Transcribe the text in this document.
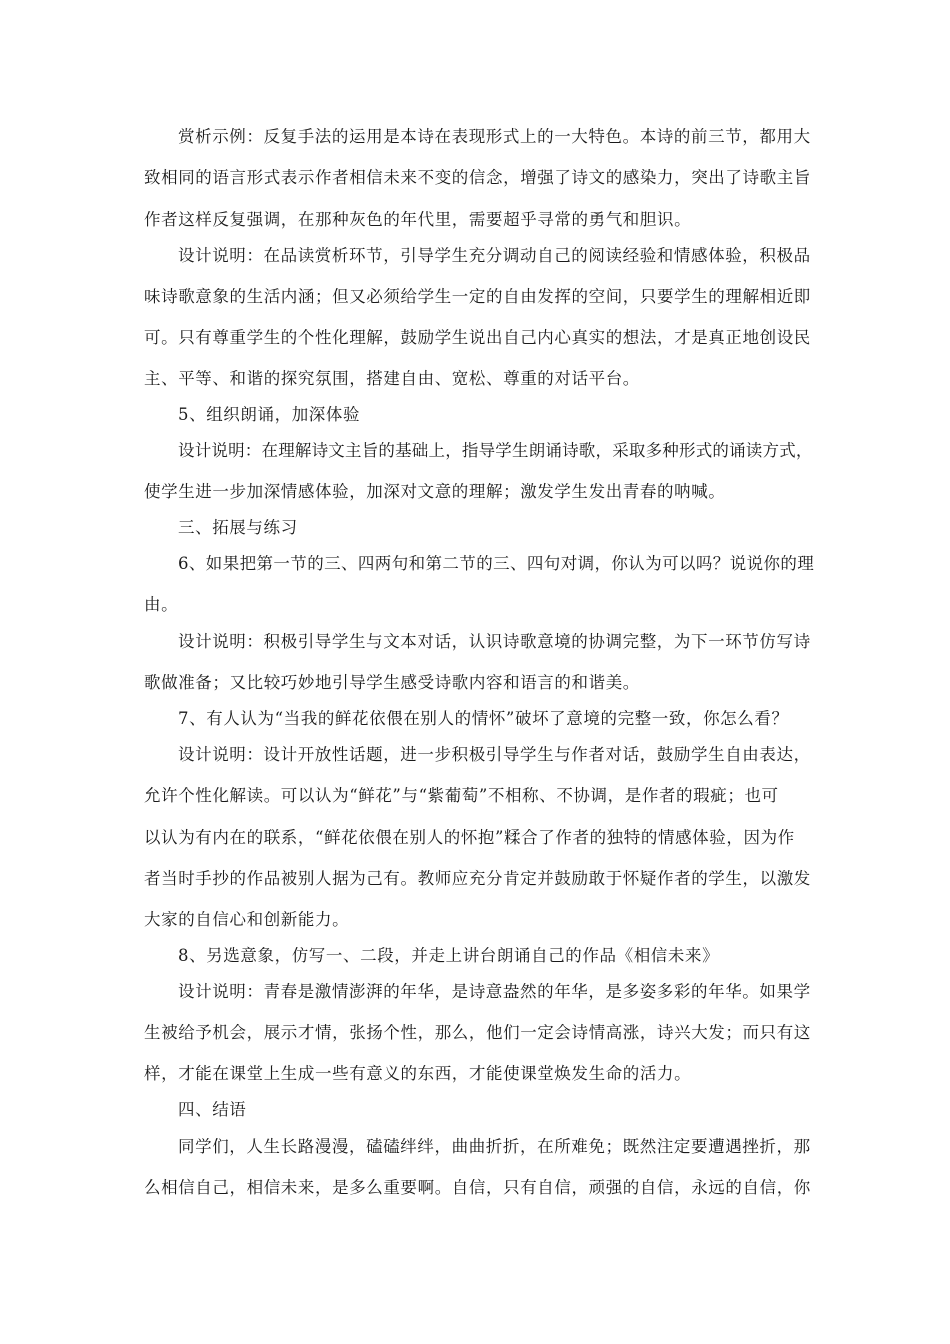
赏析示例：反复手法的运用是本诗在表现形式上的一大特色。本诗的前三节，都用大
致相同的语言形式表示作者相信未来不变的信念，增强了诗文的感染力，突出了诗歌主旨
作者这样反复强调，在那种灰色的年代里，需要超乎寻常的勇气和胆识。
设计说明：在品读赏析环节，引导学生充分调动自己的阅读经验和情感体验，积极品
味诗歌意象的生活内涵；但又必须给学生一定的自由发挥的空间，只要学生的理解相近即
可。只有尊重学生的个性化理解，鼓励学生说出自己内心真实的想法，才是真正地创设民
主、平等、和谐的探究氛围，搭建自由、宽松、尊重的对话平台。
5、组织朗诵，加深体验
设计说明：在理解诗文主旨的基础上，指导学生朗诵诗歌，采取多种形式的诵读方式，
使学生进一步加深情感体验，加深对文意的理解；激发学生发出青春的呐喊。
三、拓展与练习
6、如果把第一节的三、四两句和第二节的三、四句对调，你认为可以吗？说说你的理
由。
设计说明：积极引导学生与文本对话，认识诗歌意境的协调完整，为下一环节仿写诗
歌做准备；又比较巧妙地引导学生感受诗歌内容和语言的和谐美。
7、有人认为“当我的鲜花依偎在别人的情怀”破坏了意境的完整一致，你怎么看？
设计说明：设计开放性话题，进一步积极引导学生与作者对话，鼓励学生自由表达，
允许个性化解读。可以认为“鲜花”与“紫葡萄”不相称、不协调，是作者的瑕疵；也可
以认为有内在的联系，“鲜花依偎在别人的怀抱”糅合了作者的独特的情感体验，因为作
者当时手抄的作品被别人据为己有。教师应充分肯定并鼓励敢于怀疑作者的学生，以激发
大家的自信心和创新能力。
8、另选意象，仿写一、二段，并走上讲台朗诵自己的作品《相信未来》
设计说明：青春是激情澎湃的年华，是诗意盎然的年华，是多姿多彩的年华。如果学
生被给予机会，展示才情，张扬个性，那么，他们一定会诗情高涨，诗兴大发；而只有这
样，才能在课堂上生成一些有意义的东西，才能使课堂焕发生命的活力。
四、结语
同学们，人生长路漫漫，磕磕绊绊，曲曲折折，在所难免；既然注定要遭遇挫折，那
么相信自己，相信未来，是多么重要啊。自信，只有自信，顽强的自信，永远的自信，你
